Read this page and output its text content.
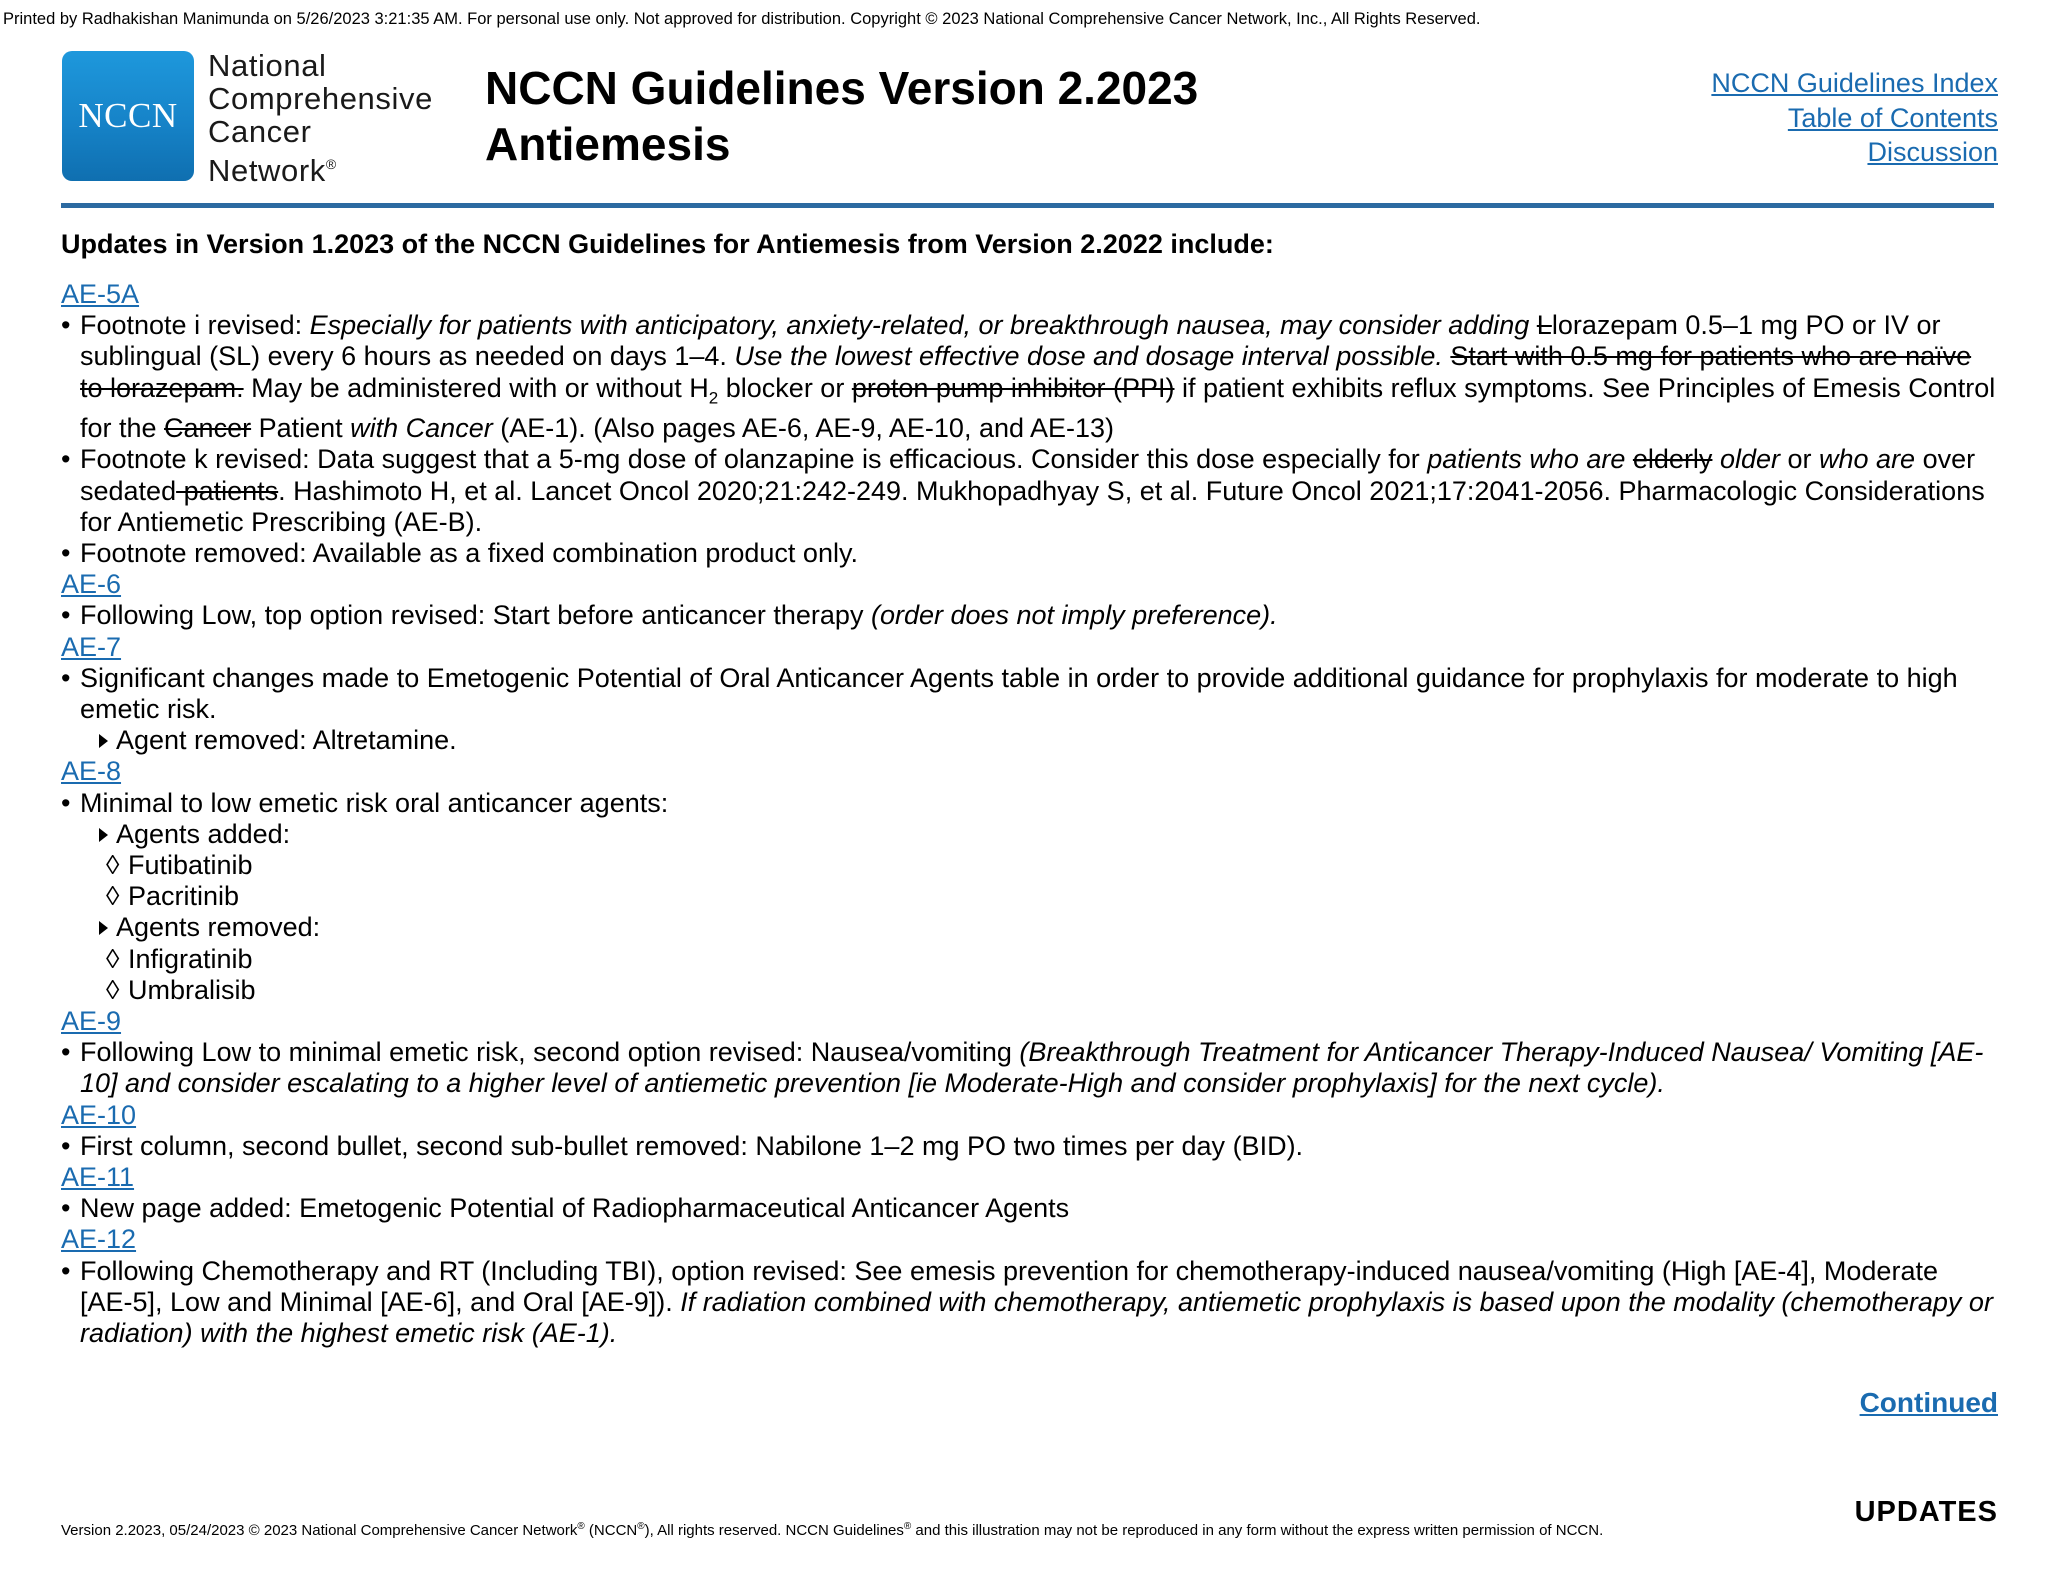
Printed by Radhakishan Manimunda on 5/26/2023 3:21:35 AM. For personal use only. Not approved for distribution. Copyright © 2023 National Comprehensive Cancer Network, Inc., All Rights Reserved.
NCCN
National
Comprehensive
Cancer
Network®
NCCN Guidelines Version 2.2023
Antiemesis
NCCN Guidelines Index
Table of Contents
Discussion
Updates in Version 1.2023 of the NCCN Guidelines for Antiemesis from Version 2.2022 include:
AE-5A
• Footnote i revised: Especially for patients with anticipatory, anxiety-related, or breakthrough nausea, may consider adding Llorazepam 0.5–1 mg PO or IV or sublingual (SL) every 6 hours as needed on days 1–4. Use the lowest effective dose and dosage interval possible. Start with 0.5 mg for patients who are naïve to lorazepam. May be administered with or without $H_2$ blocker or proton pump inhibitor (PPI) if patient exhibits reflux symptoms. See Principles of Emesis Control for the Cancer Patient with Cancer (AE-1). (Also pages AE-6, AE-9, AE-10, and AE-13)
• Footnote k revised: Data suggest that a 5-mg dose of olanzapine is efficacious. Consider this dose especially for patients who are elderly older or who are over sedated patients. Hashimoto H, et al. Lancet Oncol 2020;21:242-249. Mukhopadhyay S, et al. Future Oncol 2021;17:2041-2056. Pharmacologic Considerations for Antiemetic Prescribing (AE-B).
• Footnote removed: Available as a fixed combination product only.
AE-6
• Following Low, top option revised: Start before anticancer therapy (order does not imply preference).
AE-7
• Significant changes made to Emetogenic Potential of Oral Anticancer Agents table in order to provide additional guidance for prophylaxis for moderate to high emetic risk.
Agent removed: Altretamine.
AE-8
• Minimal to low emetic risk oral anticancer agents:
Agents added:
◊ Futibatinib
◊ Pacritinib
Agents removed:
◊ Infigratinib
◊ Umbralisib
AE-9
• Following Low to minimal emetic risk, second option revised: Nausea/vomiting (Breakthrough Treatment for Anticancer Therapy-Induced Nausea/ Vomiting [AE-10] and consider escalating to a higher level of antiemetic prevention [ie Moderate-High and consider prophylaxis] for the next cycle).
AE-10
• First column, second bullet, second sub-bullet removed: Nabilone 1–2 mg PO two times per day (BID).
AE-11
• New page added: Emetogenic Potential of Radiopharmaceutical Anticancer Agents
AE-12
• Following Chemotherapy and RT (Including TBI), option revised: See emesis prevention for chemotherapy-induced nausea/vomiting (High [AE-4], Moderate [AE-5], Low and Minimal [AE-6], and Oral [AE-9]). If radiation combined with chemotherapy, antiemetic prophylaxis is based upon the modality (chemotherapy or radiation) with the highest emetic risk (AE-1).
Continued
UPDATES
Version 2.2023, 05/24/2023 © 2023 National Comprehensive Cancer Network® (NCCN®), All rights reserved. NCCN Guidelines® and this illustration may not be reproduced in any form without the express written permission of NCCN.
